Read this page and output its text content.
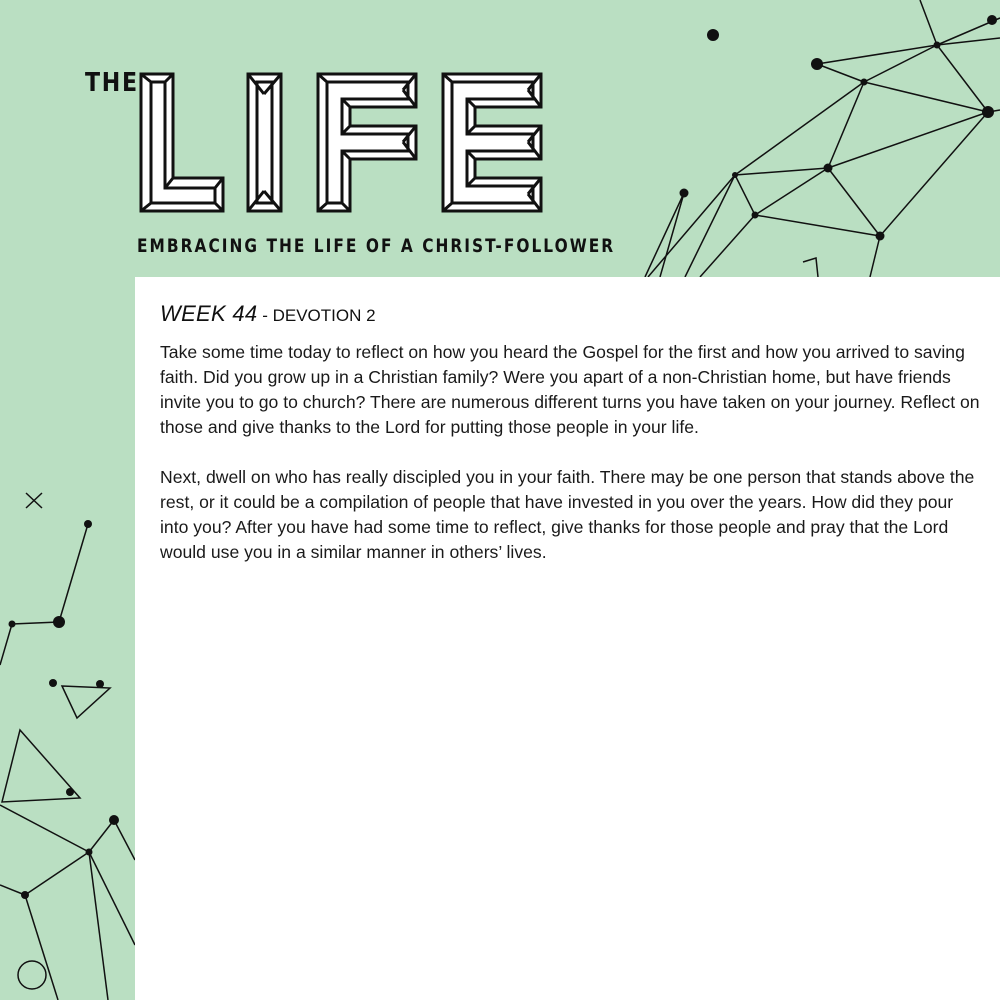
THE
EMBRACING THE LIFE OF A CHRIST-FOLLOWER
WEEK 44 - DEVOTION 2

Take some time today to reflect on how you heard the Gospel for the first and how you arrived to saving faith. Did you grow up in a Christian family? Were you apart of a non-Christian home, but have friends invite you to go to church? There are numerous different turns you have taken on your journey. Reflect on those and give thanks to the Lord for putting those people in your life.

Next, dwell on who has really discipled you in your faith. There may be one person that stands above the rest, or it could be a compilation of people that have invested in you over the years. How did they pour into you? After you have had some time to reflect, give thanks for those people and pray that the Lord would use you in a similar manner in others’ lives.
